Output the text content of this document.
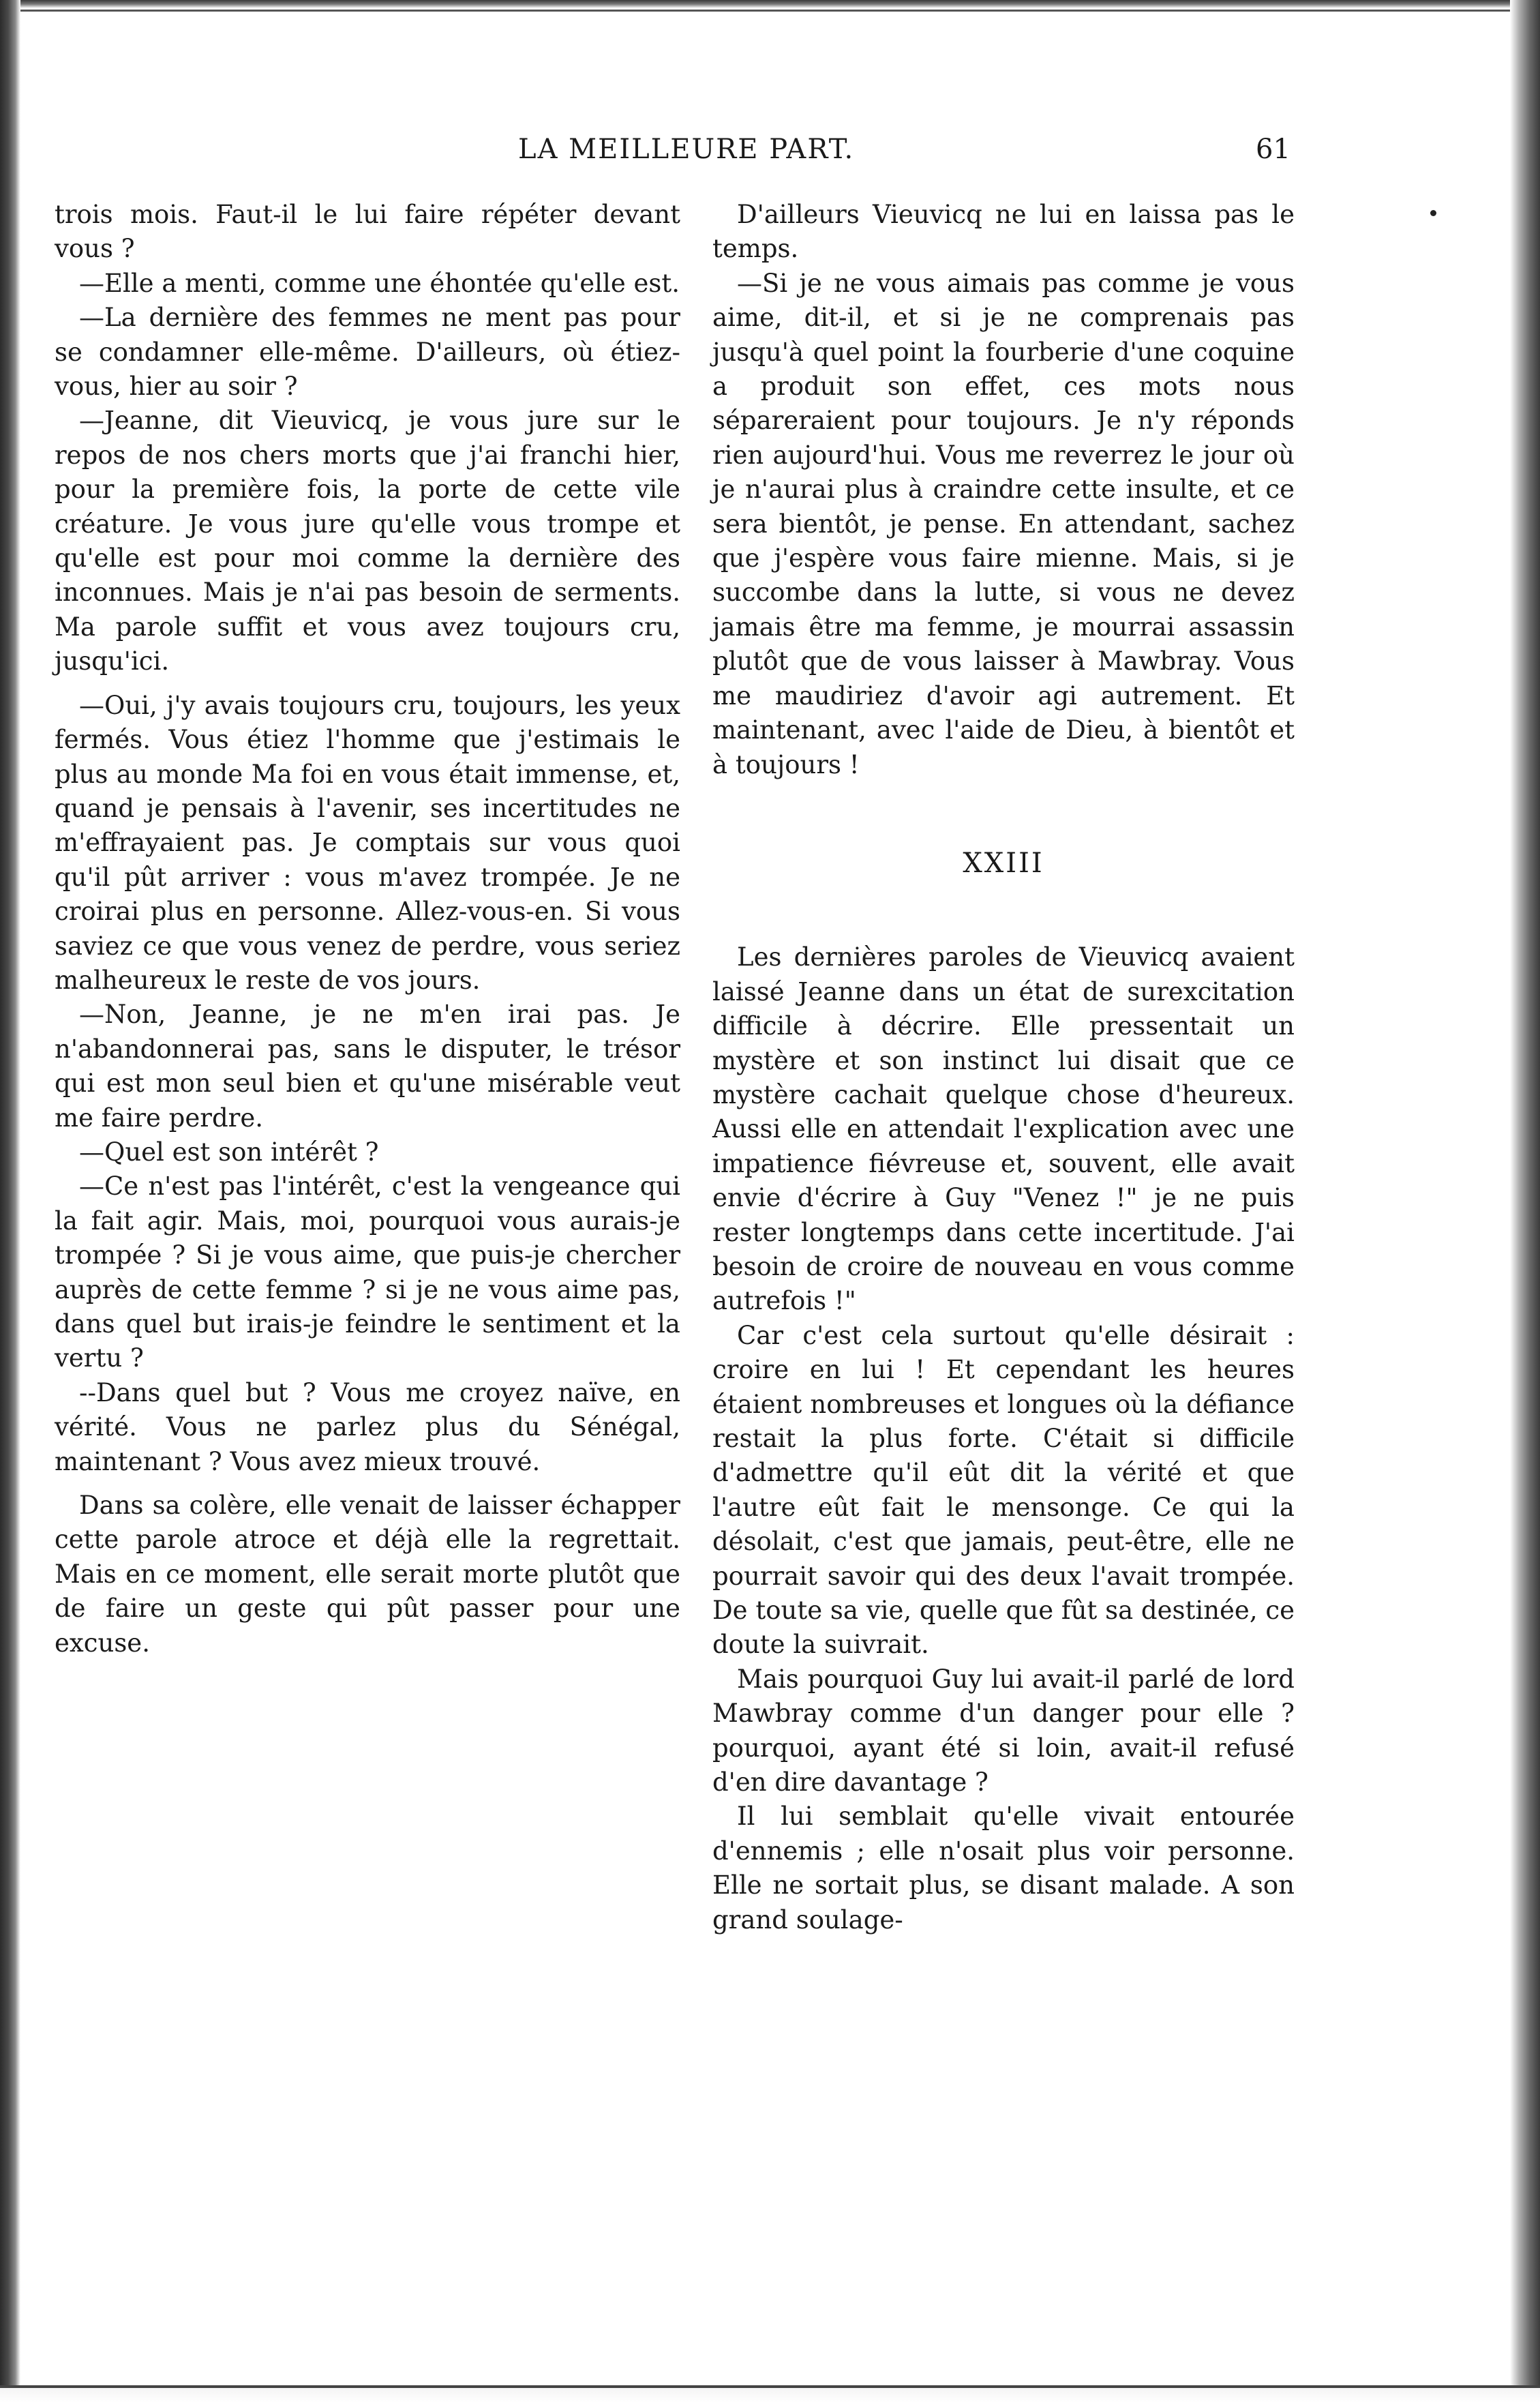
LA MEILLEURE PART.	61

trois mois. Faut-il le lui faire répéter devant vous ?

—Elle a menti, comme une éhontée qu'elle est.

—La dernière des femmes ne ment pas pour se condamner elle-même. D'ailleurs, où étiez-vous, hier au soir ?

—Jeanne, dit Vieuvicq, je vous jure sur le repos de nos chers morts que j'ai franchi hier, pour la première fois, la porte de cette vile créature. Je vous jure qu'elle vous trompe et qu'elle est pour moi comme la dernière des inconnues. Mais je n'ai pas besoin de serments. Ma parole suffit et vous avez toujours cru, jusqu'ici.

—Oui, j'y avais toujours cru, toujours, les yeux fermés. Vous étiez l'homme que j'estimais le plus au monde Ma foi en vous était immense, et, quand je pensais à l'avenir, ses incertitudes ne m'effrayaient pas. Je comptais sur vous quoi qu'il pût arriver : vous m'avez trompée. Je ne croirai plus en personne. Allez-vous-en. Si vous saviez ce que vous venez de perdre, vous seriez malheureux le reste de vos jours.

—Non, Jeanne, je ne m'en irai pas. Je n'abandonnerai pas, sans le disputer, le trésor qui est mon seul bien et qu'une misérable veut me faire perdre.

—Quel est son intérêt ?

—Ce n'est pas l'intérêt, c'est la vengeance qui la fait agir. Mais, moi, pourquoi vous aurais-je trompée ? Si je vous aime, que puis-je chercher auprès de cette femme ? si je ne vous aime pas, dans quel but irais-je feindre le sentiment et la vertu ?

--Dans quel but ? Vous me croyez naïve, en vérité. Vous ne parlez plus du Sénégal, maintenant ? Vous avez mieux trouvé.

Dans sa colère, elle venait de laisser échapper cette parole atroce et déjà elle la regrettait. Mais en ce moment, elle serait morte plutôt que de faire un geste qui pût passer pour une excuse.

D'ailleurs Vieuvicq ne lui en laissa pas le temps.

—Si je ne vous aimais pas comme je vous aime, dit-il, et si je ne comprenais pas jusqu'à quel point la fourberie d'une coquine a produit son effet, ces mots nous sépareraient pour toujours. Je n'y réponds rien aujourd'hui. Vous me reverrez le jour où je n'aurai plus à craindre cette insulte, et ce sera bientôt, je pense. En attendant, sachez que j'espère vous faire mienne. Mais, si je succombe dans la lutte, si vous ne devez jamais être ma femme, je mourrai assassin plutôt que de vous laisser à Mawbray. Vous me maudiriez d'avoir agi autrement. Et maintenant, avec l'aide de Dieu, à bientôt et à toujours !

XXIII

Les dernières paroles de Vieuvicq avaient laissé Jeanne dans un état de surexcitation difficile à décrire. Elle pressentait un mystère et son instinct lui disait que ce mystère cachait quelque chose d'heureux. Aussi elle en attendait l'explication avec une impatience fiévreuse et, souvent, elle avait envie d'écrire à Guy "Venez !" je ne puis rester longtemps dans cette incertitude. J'ai besoin de croire de nouveau en vous comme autrefois !"

Car c'est cela surtout qu'elle désirait : croire en lui ! Et cependant les heures étaient nombreuses et longues où la défiance restait la plus forte. C'était si difficile d'admettre qu'il eût dit la vérité et que l'autre eût fait le mensonge. Ce qui la désolait, c'est que jamais, peut-être, elle ne pourrait savoir qui des deux l'avait trompée. De toute sa vie, quelle que fût sa destinée, ce doute la suivrait.

Mais pourquoi Guy lui avait-il parlé de lord Mawbray comme d'un danger pour elle ? pourquoi, ayant été si loin, avait-il refusé d'en dire davantage ?

Il lui semblait qu'elle vivait entourée d'ennemis ; elle n'osait plus voir personne. Elle ne sortait plus, se disant malade. A son grand soulage-
